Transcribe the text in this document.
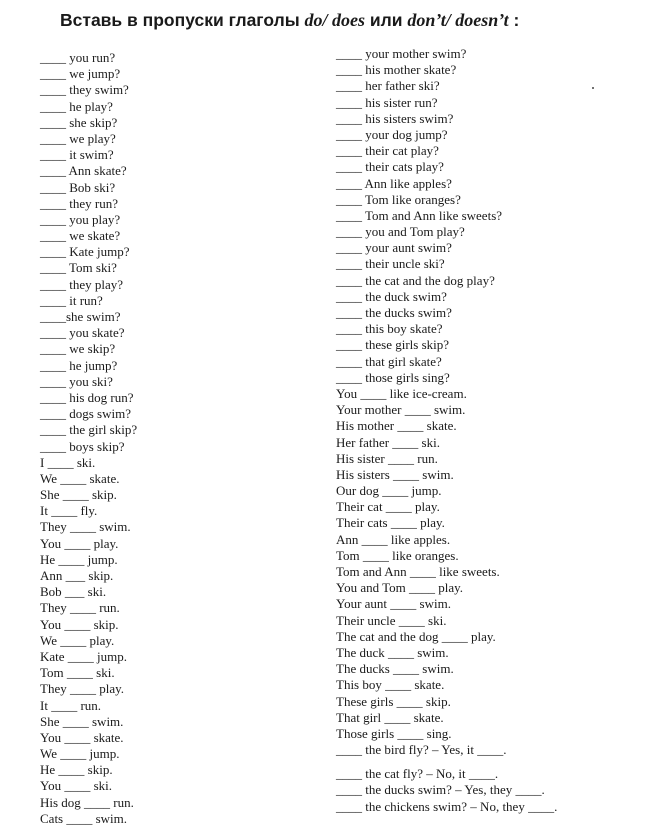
Вставь в пропуски глаголы do/ does или don’t/ doesn’t :
____ you run?
____ we jump?
____ they swim?
____ he play?
____ she skip?
____ we play?
____ it swim?
____ Ann skate?
____ Bob ski?
____ they run?
____ you play?
____ we skate?
____ Kate jump?
____ Tom ski?
____ they play?
____ it run?
____she swim?
____ you skate?
____ we skip?
____ he jump?
____ you ski?
____ his dog run?
____ dogs swim?
____ the girl skip?
____ boys skip?
I ____ ski.
We ____ skate.
She ____ skip.
It ____ fly.
They ____ swim.
You ____ play.
He ____ jump.
Ann ___ skip.
Bob ___ ski.
They ____ run.
You ____ skip.
We ____ play.
Kate ____ jump.
Tom ____ ski.
They ____ play.
It ____ run.
She ____ swim.
You ____ skate.
We ____ jump.
He ____ skip.
You ____ ski.
His dog ____ run.
Cats ____ swim.
____ your mother swim?
____ his mother skate?
____ her father ski?
____ his sister run?
____ his sisters swim?
____ your dog jump?
____ their cat play?
____ their cats play?
____ Ann like apples?
____ Tom like oranges?
____ Tom and Ann like sweets?
____ you and Tom play?
____ your aunt swim?
____ their uncle ski?
____ the cat and the dog play?
____ the duck swim?
____ the ducks swim?
____ this boy skate?
____ these girls skip?
____ that girl skate?
____ those girls sing?
You ____ like ice-cream.
Your mother ____ swim.
His mother ____ skate.
Her father ____ ski.
His sister ____ run.
His sisters ____ swim.
Our dog ____ jump.
Their cat ____ play.
Their cats ____ play.
Ann ____ like apples.
Tom ____ like oranges.
Tom and Ann ____ like sweets.
You and Tom ____ play.
Your aunt ____ swim.
Their uncle ____ ski.
The cat and the dog ____ play.
The duck ____ swim.
The ducks ____ swim.
This boy ____ skate.
These girls ____ skip.
That girl ____ skate.
Those girls ____ sing.
____ the bird fly? – Yes, it ____.
____ the cat fly? – No, it ____.
____ the ducks swim? – Yes, they ____.
____ the chickens swim? – No, they ____.
